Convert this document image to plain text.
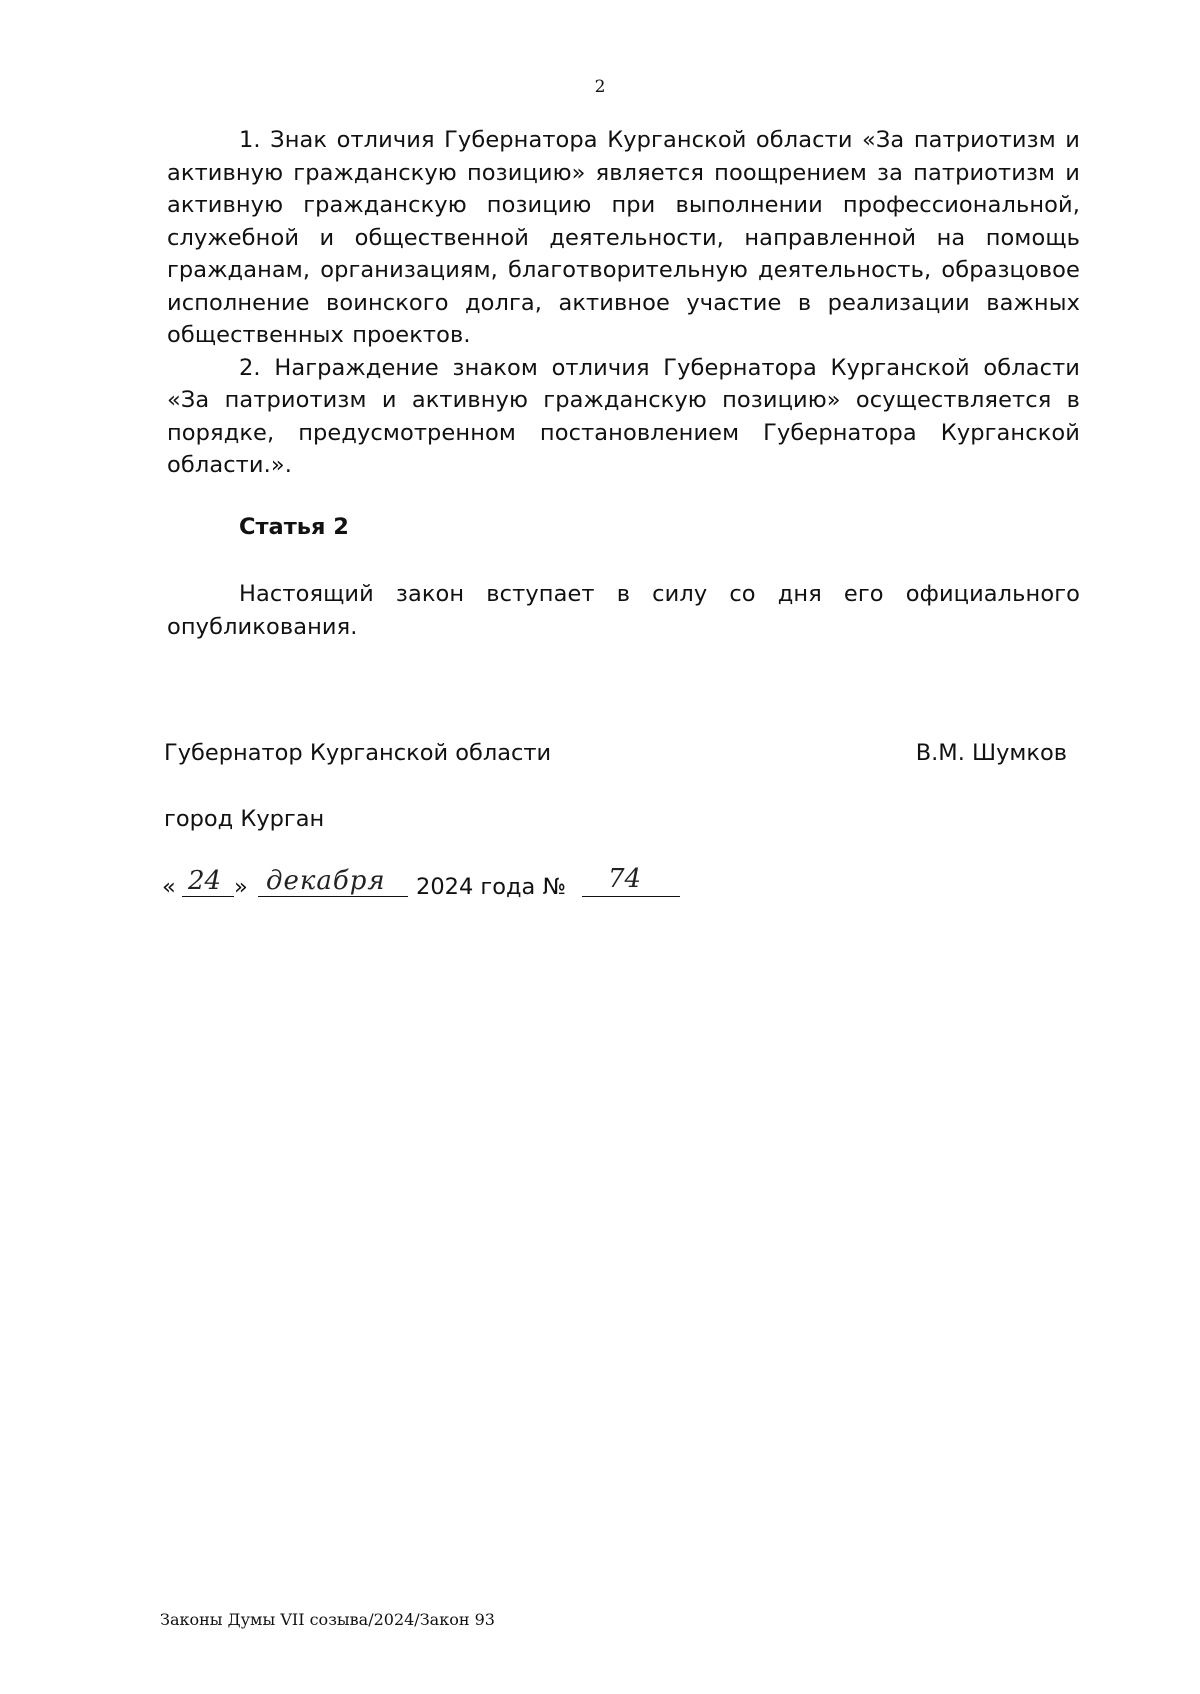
2

1. Знак отличия Губернатора Курганской области «За патриотизм и активную гражданскую позицию» является поощрением за патриотизм и активную гражданскую позицию при выполнении профессиональной, служебной и общественной деятельности, направленной на помощь гражданам, организациям, благотворительную деятельность, образцовое исполнение воинского долга, активное участие в реализации важных общественных проектов.

2. Награждение знаком отличия Губернатора Курганской области «За патриотизм и активную гражданскую позицию» осуществляется в порядке, предусмотренном постановлением Губернатора Курганской области.».

Статья 2

Настоящий закон вступает в силу со дня его официального опубликования.

Губернатор Курганской области	В.М. Шумков
город Курган
« 24 » декабря 2024 года № 74
Законы Думы VII созыва/2024/Закон 93
